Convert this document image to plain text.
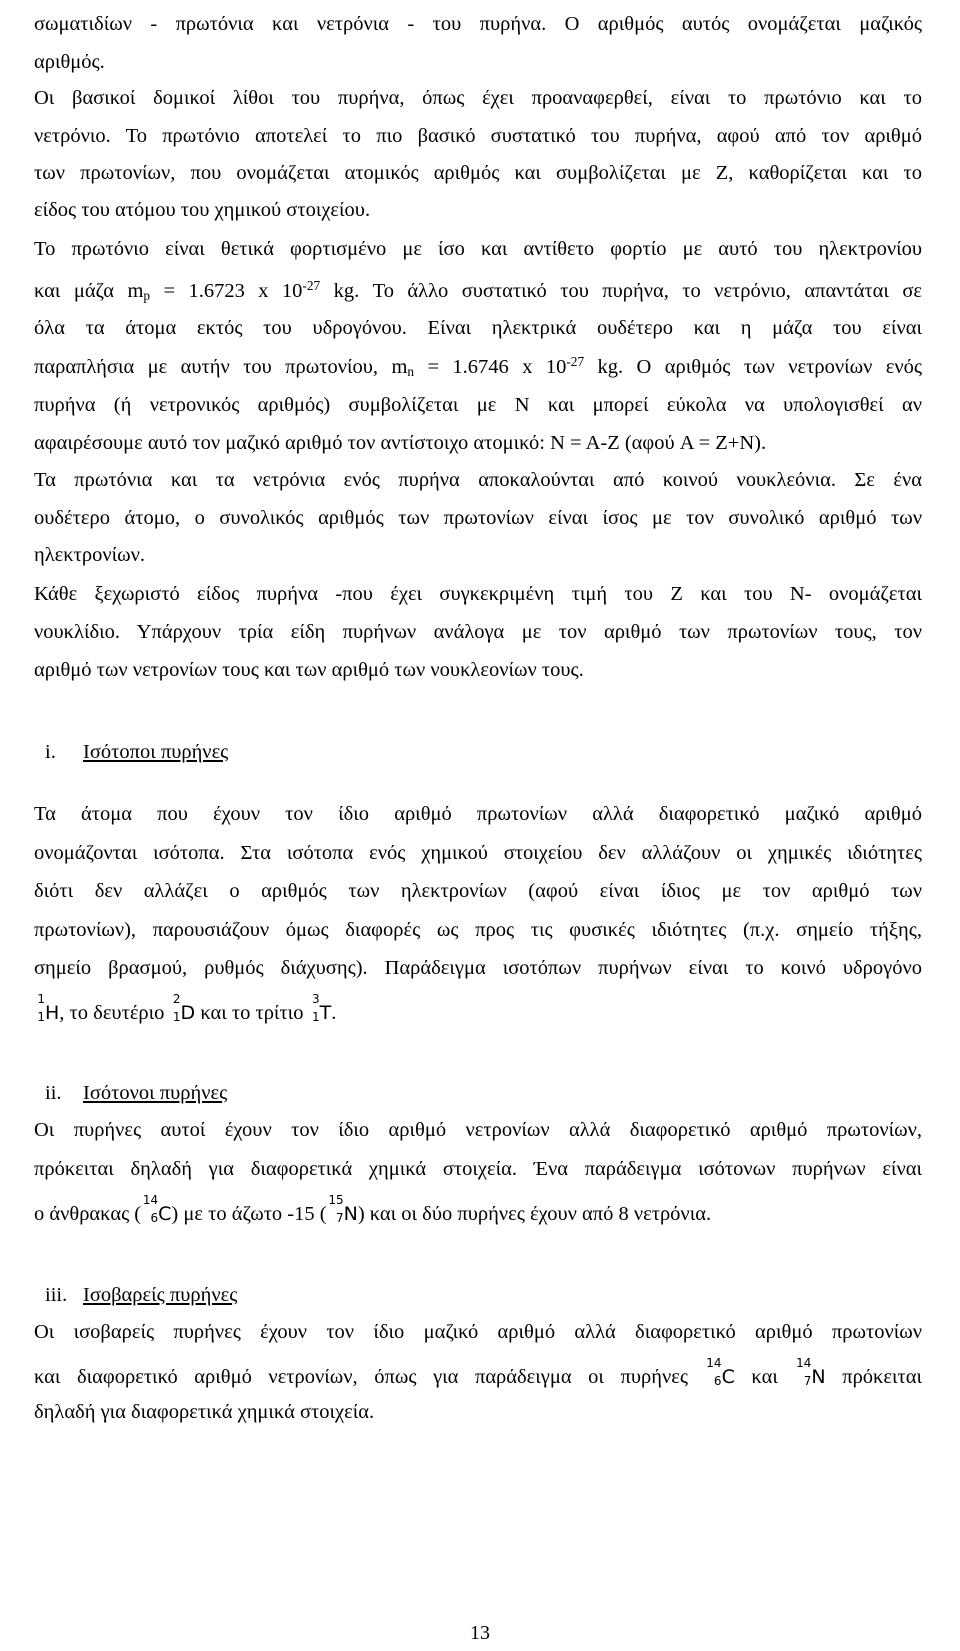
σωματιδίων - πρωτόνια και νετρόνια - του πυρήνα. Ο αριθμός αυτός ονομάζεται μαζικός
αριθμός.
Οι βασικοί δομικοί λίθοι του πυρήνα, όπως έχει προαναφερθεί, είναι το πρωτόνιο και το
νετρόνιο. Το πρωτόνιο αποτελεί το πιο βασικό συστατικό του πυρήνα, αφού από τον αριθμό
των πρωτονίων, που ονομάζεται ατομικός αριθμός και συμβολίζεται με Z, καθορίζεται και το
είδος του ατόμου του χημικού στοιχείου.
Το πρωτόνιο είναι θετικά φορτισμένο με ίσο και αντίθετο φορτίο με αυτό του ηλεκτρονίου
και μάζα $m_p = 1.6723$ x $10^{-27}$ kg. Το άλλο συστατικό του πυρήνα, το νετρόνιο, απαντάται σε
όλα τα άτομα εκτός του υδρογόνου. Είναι ηλεκτρικά ουδέτερο και η μάζα του είναι
παραπλήσια με αυτήν του πρωτονίου, $m_n = 1.6746$ x $10^{-27}$ kg. Ο αριθμός των νετρονίων ενός
πυρήνα (ή νετρονικός αριθμός) συμβολίζεται με N και μπορεί εύκολα να υπολογισθεί αν
αφαιρέσουμε αυτό τον μαζικό αριθμό τον αντίστοιχο ατομικό: N = A-Z (αφού A = Z+N).
Τα πρωτόνια και τα νετρόνια ενός πυρήνα αποκαλούνται από κοινού νουκλεόνια. Σε ένα
ουδέτερο άτομο, ο συνολικός αριθμός των πρωτονίων είναι ίσος με τον συνολικό αριθμό των
ηλεκτρονίων.
Κάθε ξεχωριστό είδος πυρήνα -που έχει συγκεκριμένη τιμή του Z και του N- ονομάζεται
νουκλίδιο. Υπάρχουν τρία είδη πυρήνων ανάλογα με τον αριθμό των πρωτονίων τους, τον
αριθμό των νετρονίων τους και των αριθμό των νουκλεονίων τους.
i. Ισότοποι πυρήνες
Τα άτομα που έχουν τον ίδιο αριθμό πρωτονίων αλλά διαφορετικό μαζικό αριθμό
ονομάζονται ισότοπα. Στα ισότοπα ενός χημικού στοιχείου δεν αλλάζουν οι χημικές ιδιότητες
διότι δεν αλλάζει ο αριθμός των ηλεκτρονίων (αφού είναι ίδιος με τον αριθμό των
πρωτονίων), παρουσιάζουν όμως διαφορές ως προς τις φυσικές ιδιότητες (π.χ. σημείο τήξης,
σημείο βρασμού, ρυθμός διάχυσης). Παράδειγμα ισοτόπων πυρήνων είναι το κοινό υδρογόνο
1
1 H, το δευτέριο
2
1 D και το τρίτιο
3
1 T.
ii. Ισότονοι πυρήνες
Οι πυρήνες αυτοί έχουν τον ίδιο αριθμό νετρονίων αλλά διαφορετικό αριθμό πρωτονίων,
πρόκειται δηλαδή για διαφορετικά χημικά στοιχεία. Ένα παράδειγμα ισότονων πυρήνων είναι
ο άνθρακας (
14
6 C) με το άζωτο -15 (
15
7 N) και οι δύο πυρήνες έχουν από 8 νετρόνια.
iii. Ισοβαρείς πυρήνες
Οι ισοβαρείς πυρήνες έχουν τον ίδιο μαζικό αριθμό αλλά διαφορετικό αριθμό πρωτονίων
και διαφορετικό αριθμό νετρονίων, όπως για παράδειγμα οι πυρήνες
14
6 C και
14
7 N πρόκειται
δηλαδή για διαφορετικά χημικά στοιχεία.
13
